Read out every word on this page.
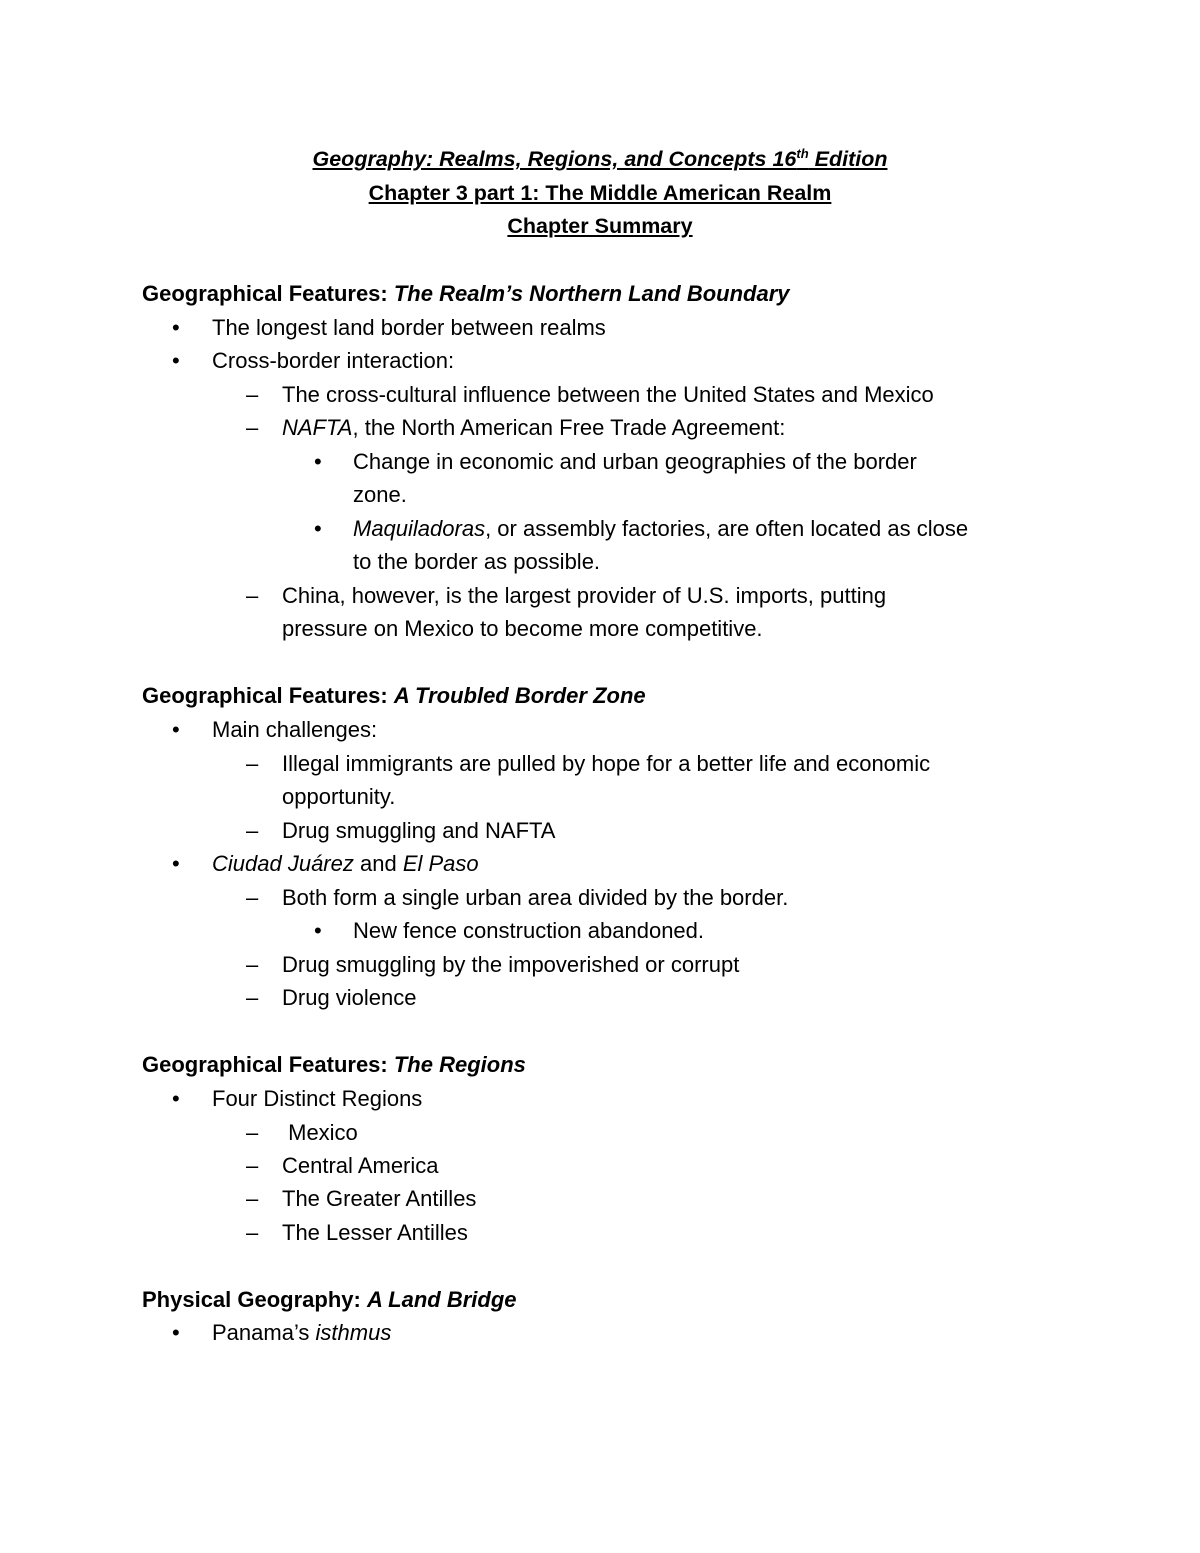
Geography: Realms, Regions, and Concepts 16th Edition
Chapter 3 part 1: The Middle American Realm
Chapter Summary
Geographical Features: The Realm’s Northern Land Boundary
• The longest land border between realms
• Cross-border interaction:
– The cross-cultural influence between the United States and Mexico
– NAFTA, the North American Free Trade Agreement:
• Change in economic and urban geographies of the border
zone.
• Maquiladoras, or assembly factories, are often located as close
to the border as possible.
– China, however, is the largest provider of U.S. imports, putting
pressure on Mexico to become more competitive.
Geographical Features: A Troubled Border Zone
• Main challenges:
– Illegal immigrants are pulled by hope for a better life and economic
opportunity.
– Drug smuggling and NAFTA
• Ciudad Juárez and El Paso
– Both form a single urban area divided by the border.
• New fence construction abandoned.
– Drug smuggling by the impoverished or corrupt
– Drug violence
Geographical Features: The Regions
• Four Distinct Regions
– Mexico
– Central America
– The Greater Antilles
– The Lesser Antilles
Physical Geography: A Land Bridge
• Panama’s isthmus
